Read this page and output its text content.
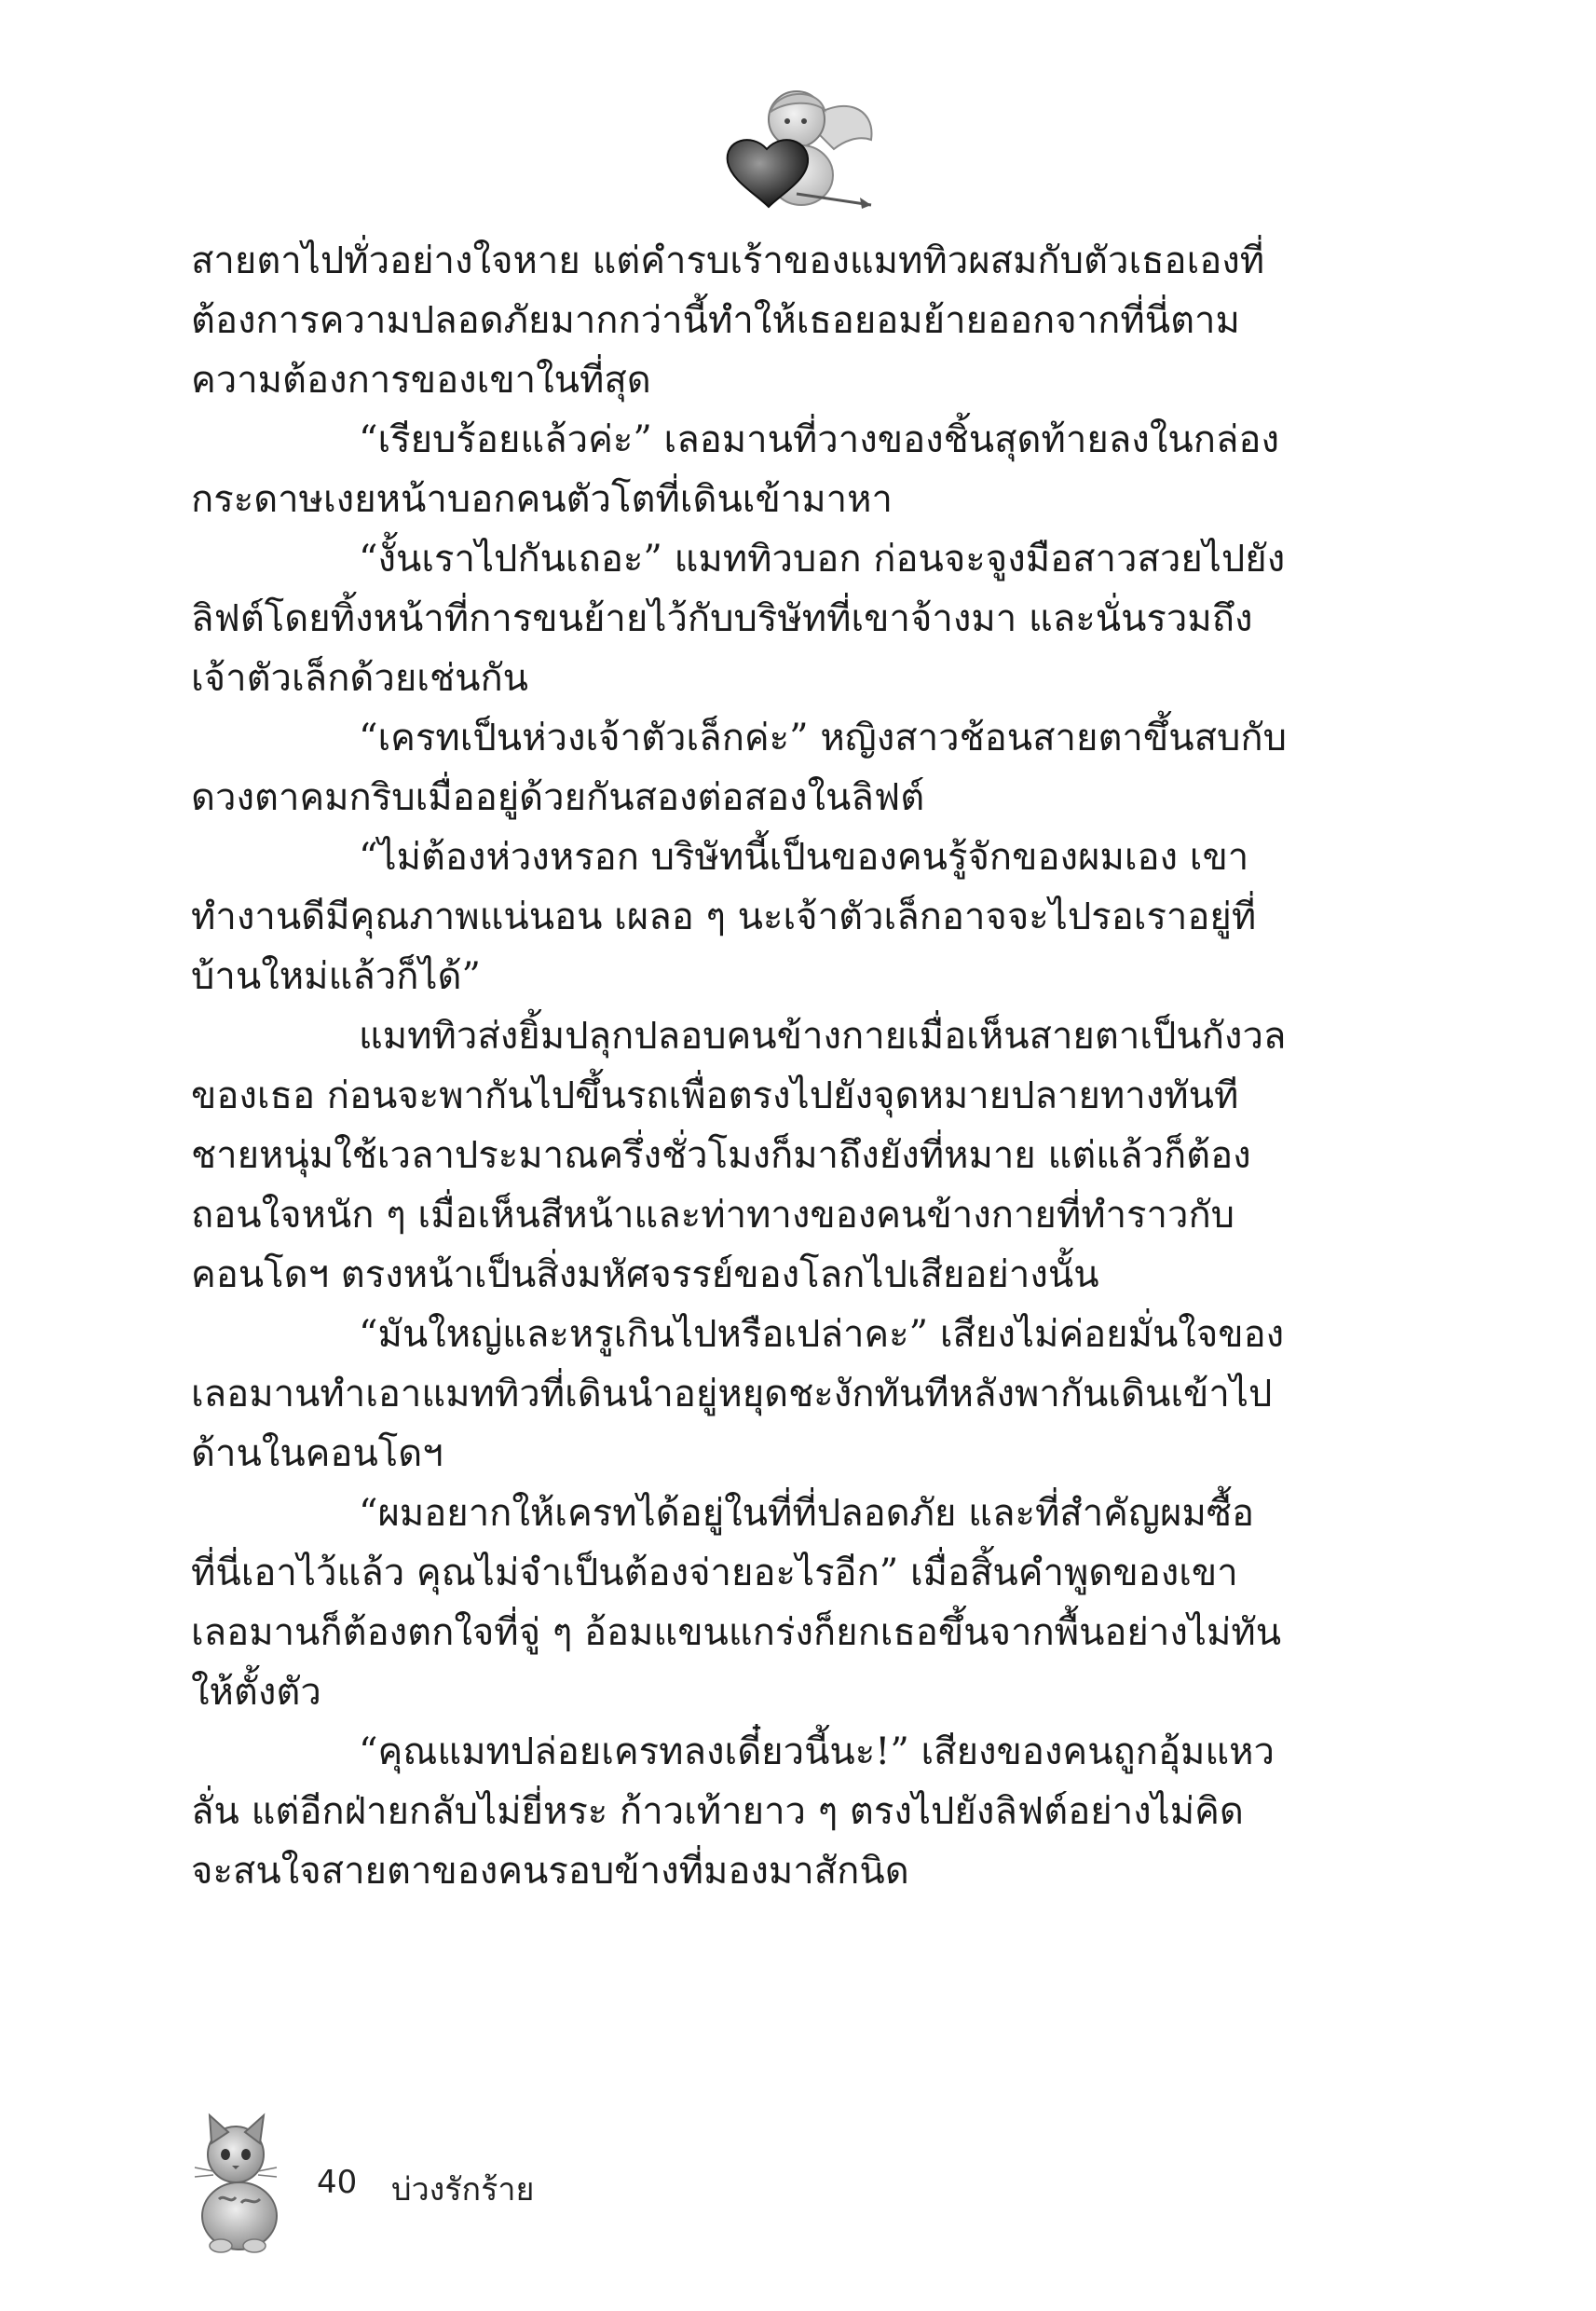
สายตาไปทั่วอย่างใจหาย แต่คำรบเร้าของแมททิวผสมกับตัวเธอเองที่
ต้องการความปลอดภัยมากกว่านี้ทำให้เธอยอมย้ายออกจากที่นี่ตาม
ความต้องการของเขาในที่สุด
“เรียบร้อยแล้วค่ะ” เลอมานที่วางของชิ้นสุดท้ายลงในกล่อง
กระดาษเงยหน้าบอกคนตัวโตที่เดินเข้ามาหา
“งั้นเราไปกันเถอะ” แมททิวบอก ก่อนจะจูงมือสาวสวยไปยัง
ลิฟต์โดยทิ้งหน้าที่การขนย้ายไว้กับบริษัทที่เขาจ้างมา และนั่นรวมถึง
เจ้าตัวเล็กด้วยเช่นกัน
“เครทเป็นห่วงเจ้าตัวเล็กค่ะ” หญิงสาวช้อนสายตาขึ้นสบกับ
ดวงตาคมกริบเมื่ออยู่ด้วยกันสองต่อสองในลิฟต์
“ไม่ต้องห่วงหรอก บริษัทนี้เป็นของคนรู้จักของผมเอง เขา
ทำงานดีมีคุณภาพแน่นอน เผลอ ๆ นะเจ้าตัวเล็กอาจจะไปรอเราอยู่ที่
บ้านใหม่แล้วก็ได้”
แมททิวส่งยิ้มปลุกปลอบคนข้างกายเมื่อเห็นสายตาเป็นกังวล
ของเธอ ก่อนจะพากันไปขึ้นรถเพื่อตรงไปยังจุดหมายปลายทางทันที
ชายหนุ่มใช้เวลาประมาณครึ่งชั่วโมงก็มาถึงยังที่หมาย แต่แล้วก็ต้อง
ถอนใจหนัก ๆ เมื่อเห็นสีหน้าและท่าทางของคนข้างกายที่ทำราวกับ
คอนโดฯ ตรงหน้าเป็นสิ่งมหัศจรรย์ของโลกไปเสียอย่างนั้น
“มันใหญ่และหรูเกินไปหรือเปล่าคะ” เสียงไม่ค่อยมั่นใจของ
เลอมานทำเอาแมททิวที่เดินนำอยู่หยุดชะงักทันทีหลังพากันเดินเข้าไป
ด้านในคอนโดฯ
“ผมอยากให้เครทได้อยู่ในที่ที่ปลอดภัย และที่สำคัญผมซื้อ
ที่นี่เอาไว้แล้ว คุณไม่จำเป็นต้องจ่ายอะไรอีก” เมื่อสิ้นคำพูดของเขา
เลอมานก็ต้องตกใจที่จู่ ๆ อ้อมแขนแกร่งก็ยกเธอขึ้นจากพื้นอย่างไม่ทัน
ให้ตั้งตัว
“คุณแมทปล่อยเครทลงเดี๋ยวนี้นะ!” เสียงของคนถูกอุ้มแหว
ลั่น แต่อีกฝ่ายกลับไม่ยี่หระ ก้าวเท้ายาว ๆ ตรงไปยังลิฟต์อย่างไม่คิด
จะสนใจสายตาของคนรอบข้างที่มองมาสักนิด
40 บ่วงรักร้าย
